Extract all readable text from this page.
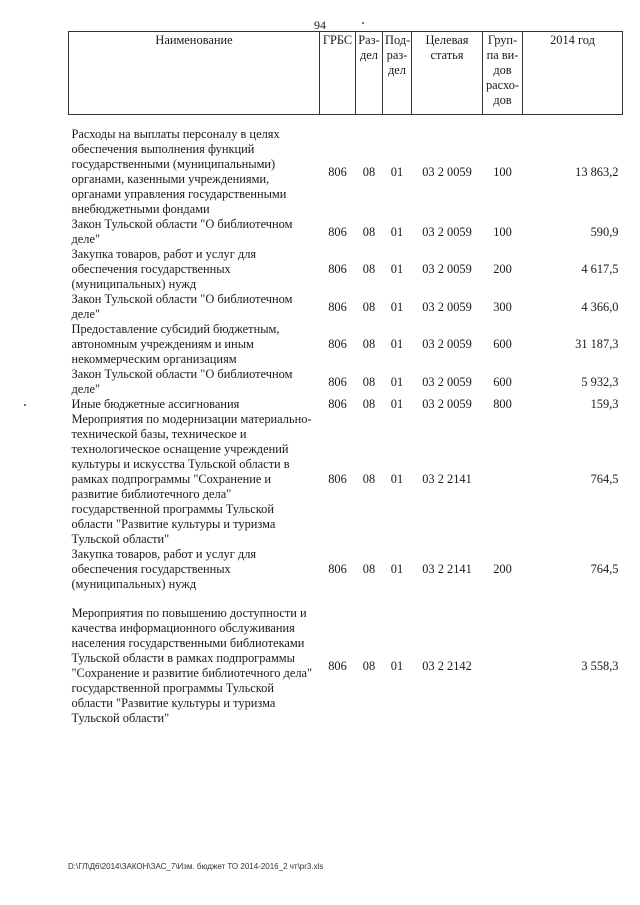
94
Наименование	ГРБС	Раз-дел	Под-раз-дел	Целевая статья	Груп-па ви-дов расхо-дов	2014 год

Расходы на выплаты персоналу в целях обеспечения выполнения функций государственными (муниципальными) органами, казенными учреждениями, органами управления государственными внебюджетными фондами	806	08	01	03 2 0059	100	13 863,2
Закон Тульской области "О библиотечном деле"	806	08	01	03 2 0059	100	590,9
Закупка товаров, работ и услуг для обеспечения государственных (муниципальных) нужд	806	08	01	03 2 0059	200	4 617,5
Закон Тульской области "О библиотечном деле"	806	08	01	03 2 0059	300	4 366,0
Предоставление субсидий бюджетным, автономным учреждениям и иным некоммерческим организациям	806	08	01	03 2 0059	600	31 187,3
Закон Тульской области "О библиотечном деле"	806	08	01	03 2 0059	600	5 932,3
Иные бюджетные ассигнования	806	08	01	03 2 0059	800	159,3
Мероприятия по модернизации материально-технической базы, техническое и технологическое оснащение учреждений культуры и искусства Тульской области в рамках подпрограммы "Сохранение и развитие библиотечного дела" государственной программы Тульской области "Развитие культуры и туризма Тульской области"	806	08	01	03 2 2141		764,5
Закупка товаров, работ и услуг для обеспечения государственных (муниципальных) нужд	806	08	01	03 2 2141	200	764,5

Мероприятия по повышению доступности и качества информационного обслуживания населения государственными библиотеками Тульской области в рамках подпрограммы "Сохранение и развитие библиотечного дела" государственной программы Тульской области "Развитие культуры и туризма Тульской области"	806	08	01	03 2 2142		3 558,3
D:\ГЛ\Д6\2014\ЗАКОН\ЗАС_7\Изм. бюджет ТО 2014-2016_2 чт\pr3.xls
